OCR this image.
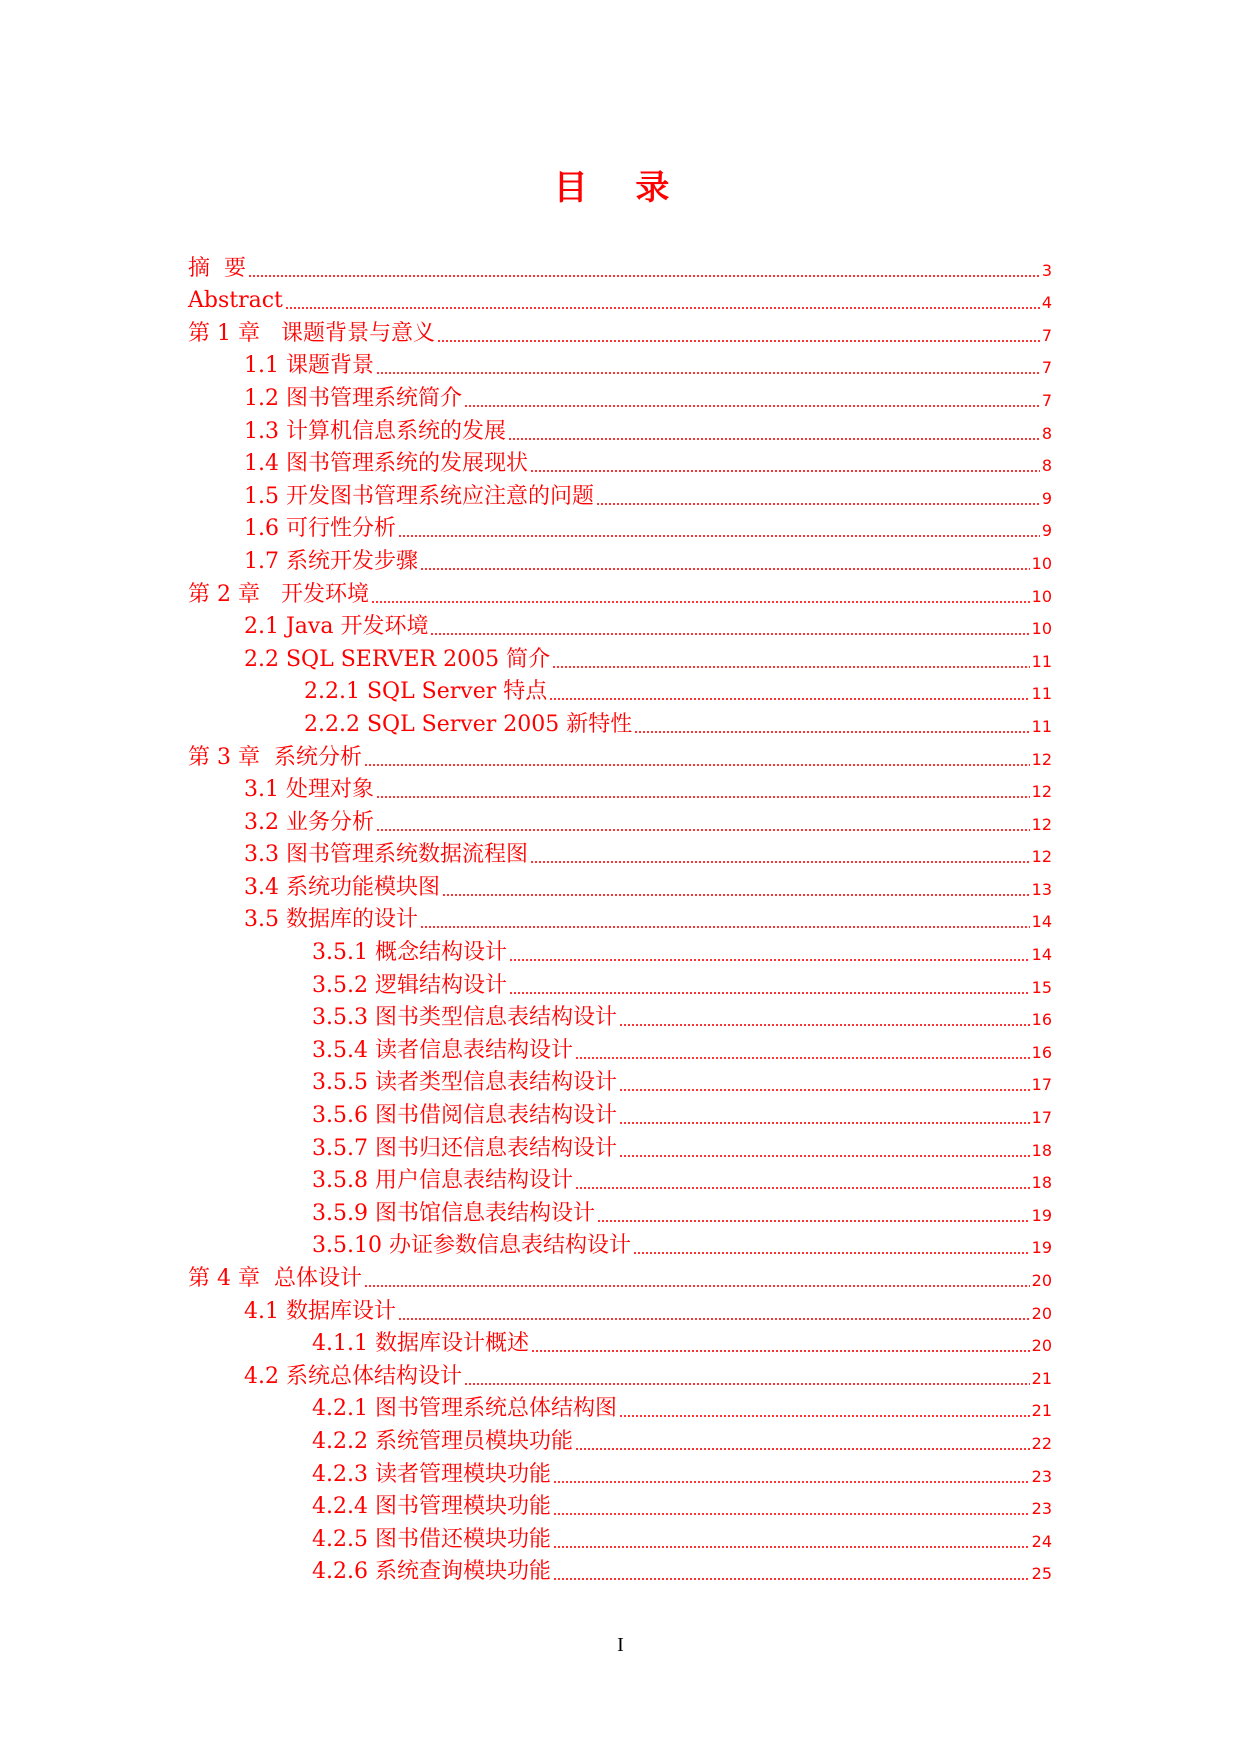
目 录
摘  要	3
Abstract	4
第 1 章   课题背景与意义	7
1.1 课题背景	7
1.2 图书管理系统简介	7
1.3 计算机信息系统的发展	8
1.4 图书管理系统的发展现状	8
1.5 开发图书管理系统应注意的问题	9
1.6 可行性分析	9
1.7 系统开发步骤	10
第 2 章   开发环境	10
2.1 Java 开发环境	10
2.2 SQL SERVER 2005 简介	11
2.2.1 SQL Server 特点	11
2.2.2 SQL Server 2005 新特性	11
第 3 章  系统分析	12
3.1 处理对象	12
3.2 业务分析	12
3.3 图书管理系统数据流程图	12
3.4 系统功能模块图	13
3.5 数据库的设计	14
3.5.1 概念结构设计	14
3.5.2 逻辑结构设计	15
3.5.3 图书类型信息表结构设计	16
3.5.4 读者信息表结构设计	16
3.5.5 读者类型信息表结构设计	17
3.5.6 图书借阅信息表结构设计	17
3.5.7 图书归还信息表结构设计	18
3.5.8 用户信息表结构设计	18
3.5.9 图书馆信息表结构设计	19
3.5.10 办证参数信息表结构设计	19
第 4 章  总体设计	20
4.1 数据库设计	20
4.1.1 数据库设计概述	20
4.2 系统总体结构设计	21
4.2.1 图书管理系统总体结构图	21
4.2.2 系统管理员模块功能	22
4.2.3 读者管理模块功能	23
4.2.4 图书管理模块功能	23
4.2.5 图书借还模块功能	24
4.2.6 系统查询模块功能	25
I
